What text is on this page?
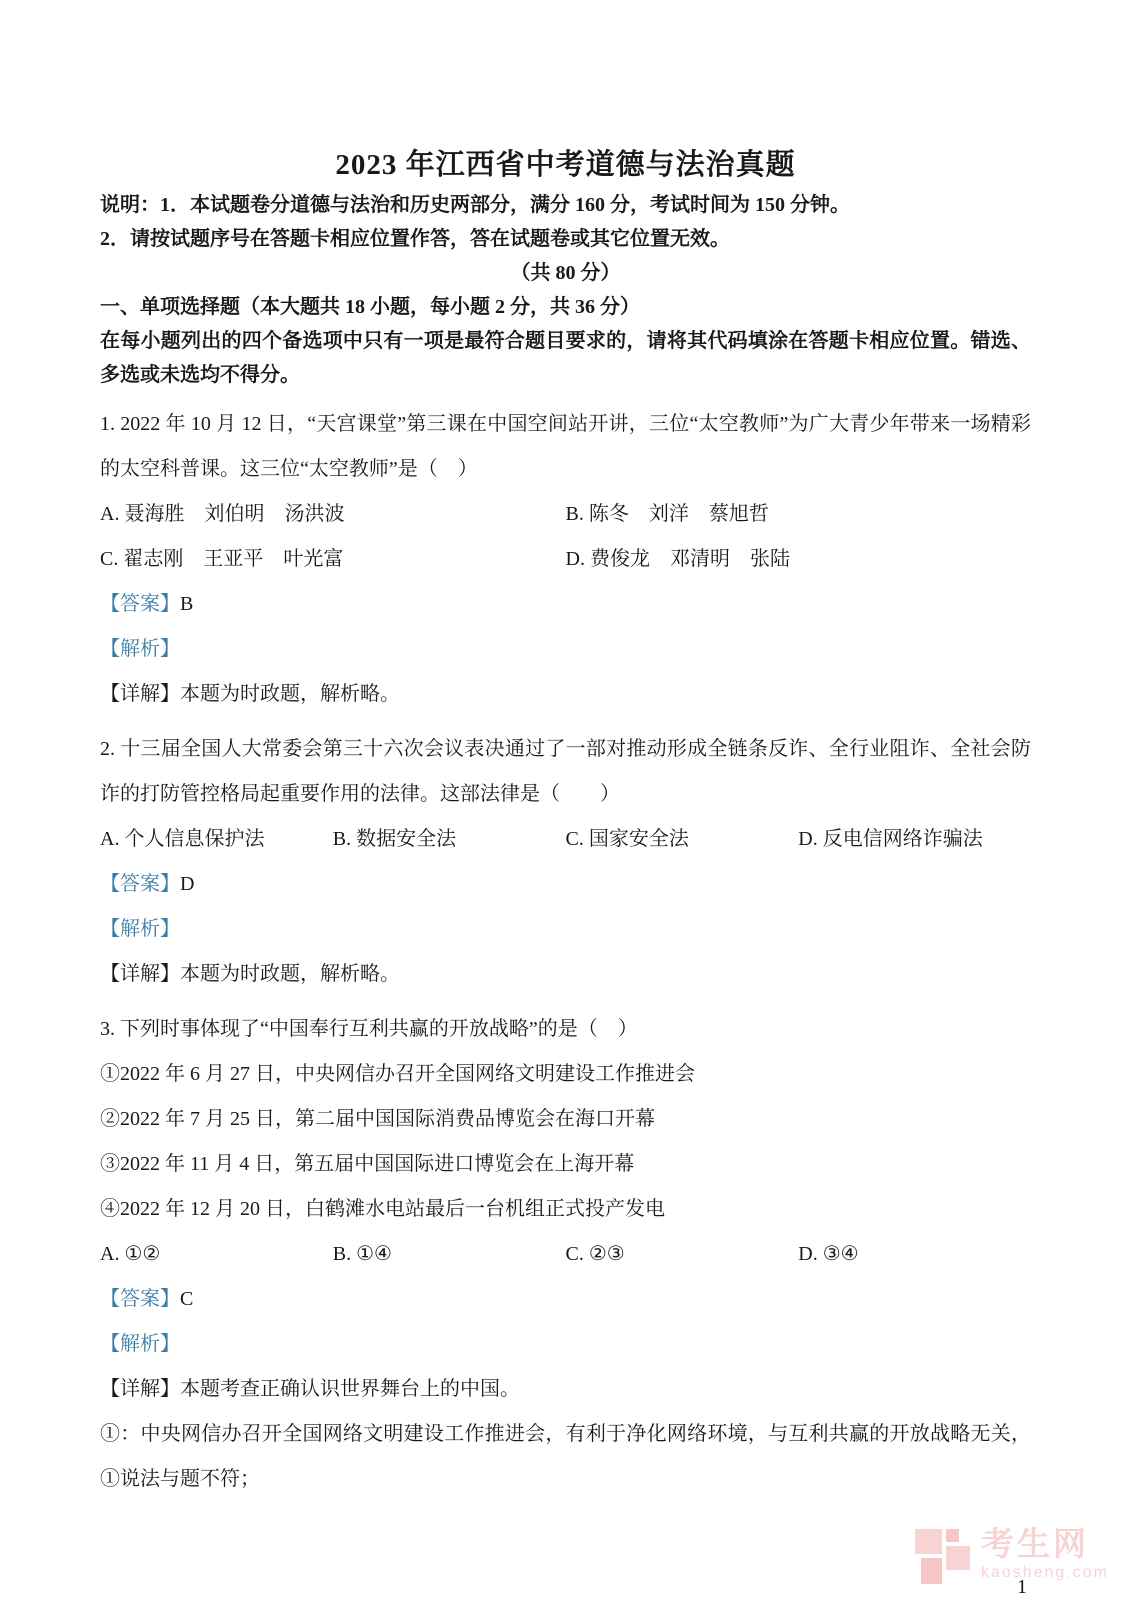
2023 年江西省中考道德与法治真题

说明：1．本试题卷分道德与法治和历史两部分，满分 160 分，考试时间为 150 分钟。

2．请按试题序号在答题卡相应位置作答，答在试题卷或其它位置无效。

（共 80 分）

一、单项选择题（本大题共 18 小题，每小题 2 分，共 36 分）

在每小题列出的四个备选项中只有一项是最符合题目要求的，请将其代码填涂在答题卡相应位置。错选、多选或未选均不得分。

1. 2022 年 10 月 12 日，“天宫课堂”第三课在中国空间站开讲，三位“太空教师”为广大青少年带来一场精彩的太空科普课。这三位“太空教师”是（　）

A. 聂海胜　刘伯明　汤洪波	B. 陈冬　刘洋　蔡旭哲

C. 翟志刚　王亚平　叶光富	D. 费俊龙　邓清明　张陆

【答案】B

【解析】

【详解】本题为时政题，解析略。

2. 十三届全国人大常委会第三十六次会议表决通过了一部对推动形成全链条反诈、全行业阻诈、全社会防诈的打防管控格局起重要作用的法律。这部法律是（　　）

A. 个人信息保护法	B. 数据安全法	C. 国家安全法	D. 反电信网络诈骗法

【答案】D

【解析】

【详解】本题为时政题，解析略。

3. 下列时事体现了“中国奉行互利共赢的开放战略”的是（　）

①2022 年 6 月 27 日，中央网信办召开全国网络文明建设工作推进会

②2022 年 7 月 25 日，第二届中国国际消费品博览会在海口开幕

③2022 年 11 月 4 日，第五届中国国际进口博览会在上海开幕

④2022 年 12 月 20 日，白鹤滩水电站最后一台机组正式投产发电

A. ①②	B. ①④	C. ②③	D. ③④

【答案】C

【解析】

【详解】本题考查正确认识世界舞台上的中国。

①：中央网信办召开全国网络文明建设工作推进会，有利于净化网络环境，与互利共赢的开放战略无关，①说法与题不符；

考生网
kaosheng.com
1
